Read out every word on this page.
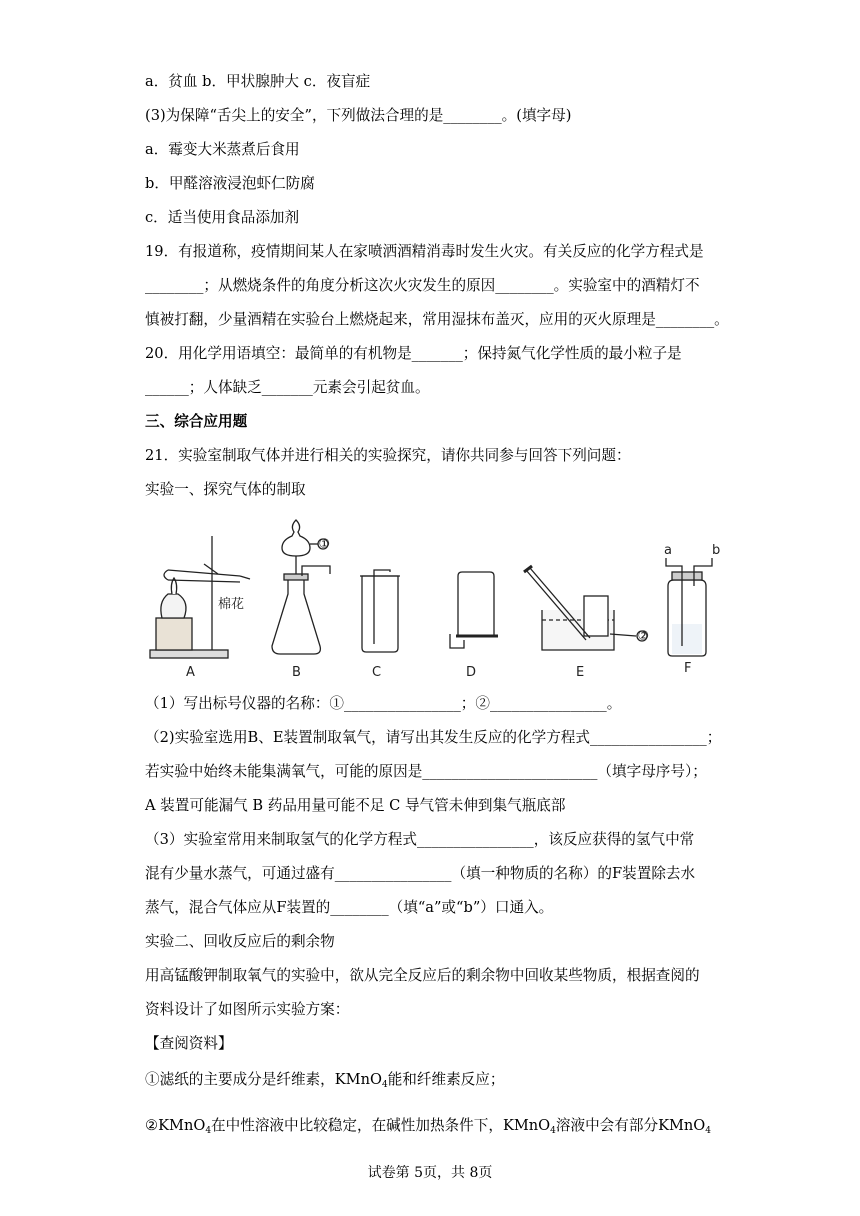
a．贫血 b．甲状腺肿大 c．夜盲症
(3)为保障“舌尖上的安全”，下列做法合理的是________。(填字母)
a．霉变大米蒸煮后食用
b．甲醛溶液浸泡虾仁防腐
c．适当使用食品添加剂
19．有报道称，疫情期间某人在家喷洒酒精消毒时发生火灾。有关反应的化学方程式是
________；从燃烧条件的角度分析这次火灾发生的原因________。实验室中的酒精灯不
慎被打翻，少量酒精在实验台上燃烧起来，常用湿抹布盖灭，应用的灭火原理是________。
20．用化学用语填空：最简单的有机物是_______；保持氮气化学性质的最小粒子是
______；人体缺乏_______元素会引起贫血。
三、综合应用题
21．实验室制取气体并进行相关的实验探究，请你共同参与回答下列问题：
实验一、探究气体的制取
棉花
A
①
B	C	D
②
E
a	b
F
（1）写出标号仪器的名称：①________________；②________________。
（2)实验室选用B、E装置制取氧气，请写出其发生反应的化学方程式________________；
若实验中始终未能集满氧气，可能的原因是________________________（填字母序号）；
A 装置可能漏气 B 药品用量可能不足 C 导气管未伸到集气瓶底部
（3）实验室常用来制取氢气的化学方程式________________，该反应获得的氢气中常
混有少量水蒸气，可通过盛有________________（填一种物质的名称）的F装置除去水
蒸气，混合气体应从F装置的________（填“a”或“b”）口通入。
实验二、回收反应后的剩余物
用高锰酸钾制取氧气的实验中，欲从完全反应后的剩余物中回收某些物质，根据查阅的
资料设计了如图所示实验方案：
【查阅资料】
①滤纸的主要成分是纤维素，KMnO$_4$能和纤维素反应；
②KMnO$_4$在中性溶液中比较稳定，在碱性加热条件下，KMnO$_4$溶液中会有部分KMnO$_4$
试卷第 5页，共 8页
